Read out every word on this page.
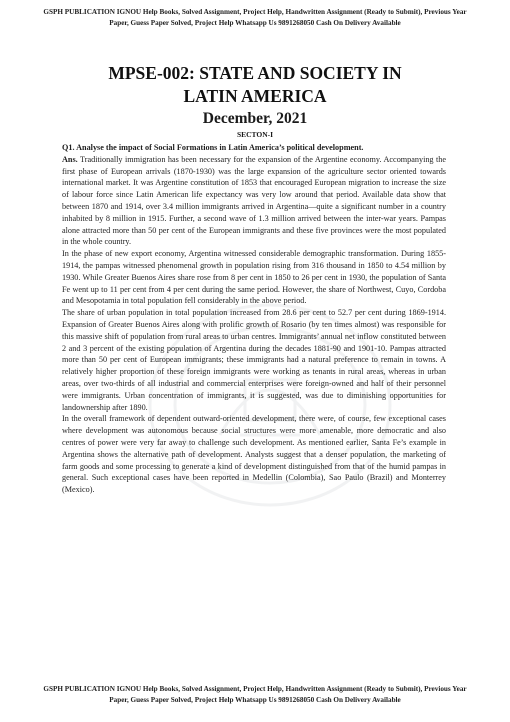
GSPH PUBLICATION IGNOU Help Books, Solved Assignment, Project Help, Handwritten Assignment (Ready to Submit), Previous Year Paper, Guess Paper Solved, Project Help Whatsapp Us 9891268050 Cash On Delivery Available
MPSE-002: STATE AND SOCIETY IN
LATIN AMERICA
December, 2021
SECTON-I

Q1. Analyse the impact of Social Formations in Latin America’s political development.

Ans. Traditionally immigration has been necessary for the expansion of the Argentine economy. Accompanying the first phase of European arrivals (1870-1930) was the large expansion of the agriculture sector oriented towards international market. It was Argentine constitution of 1853 that encouraged European migration to increase the size of labour force since Latin American life expectancy was very low around that period. Available data show that between 1870 and 1914, over 3.4 million immigrants arrived in Argentina—quite a significant number in a country inhabited by 8 million in 1915. Further, a second wave of 1.3 million arrived between the inter-war years. Pampas alone attracted more than 50 per cent of the European immigrants and these five provinces were the most populated in the whole country.

In the phase of new export economy, Argentina witnessed considerable demographic transformation. During 1855-1914, the pampas witnessed phenomenal growth in population rising from 316 thousand in 1850 to 4.54 million by 1930. While Greater Buenos Aires share rose from 8 per cent in 1850 to 26 per cent in 1930, the population of Santa Fe went up to 11 per cent from 4 per cent during the same period. However, the share of Northwest, Cuyo, Cordoba and Mesopotamia in total population fell considerably in the above period.

The share of urban population in total population increased from 28.6 per cent to 52.7 per cent during 1869-1914. Expansion of Greater Buenos Aires along with prolific growth of Rosario (by ten times almost) was responsible for this massive shift of population from rural areas to urban centres. Immigrants’ annual net inflow constituted between 2 and 3 percent of the existing population of Argentina during the decades 1881-90 and 1901-10. Pampas attracted more than 50 per cent of European immigrants; these immigrants had a natural preference to remain in towns. A relatively higher proportion of these foreign immigrants were working as tenants in rural areas, whereas in urban areas, over two-thirds of all industrial and commercial enterprises were foreign-owned and half of their personnel were immigrants. Urban concentration of immigrants, it is suggested, was due to diminishing opportunities for landownership after 1890.

In the overall framework of dependent outward-oriented development, there were, of course, few exceptional cases where development was autonomous because social structures were more amenable, more democratic and also centres of power were very far away to challenge such development. As mentioned earlier, Santa Fe’s example in Argentina shows the alternative path of development. Analysts suggest that a denser population, the marketing of farm goods and some processing to generate a kind of development distinguished from that of the humid pampas in general. Such exceptional cases have been reported in Medellin (Colombia), Sao Paulo (Brazil) and Monterrey (Mexico).

GSPH PUBLICATION IGNOU Help Books, Solved Assignment, Project Help, Handwritten Assignment (Ready to Submit), Previous Year Paper, Guess Paper Solved, Project Help Whatsapp Us 9891268050 Cash On Delivery Available
